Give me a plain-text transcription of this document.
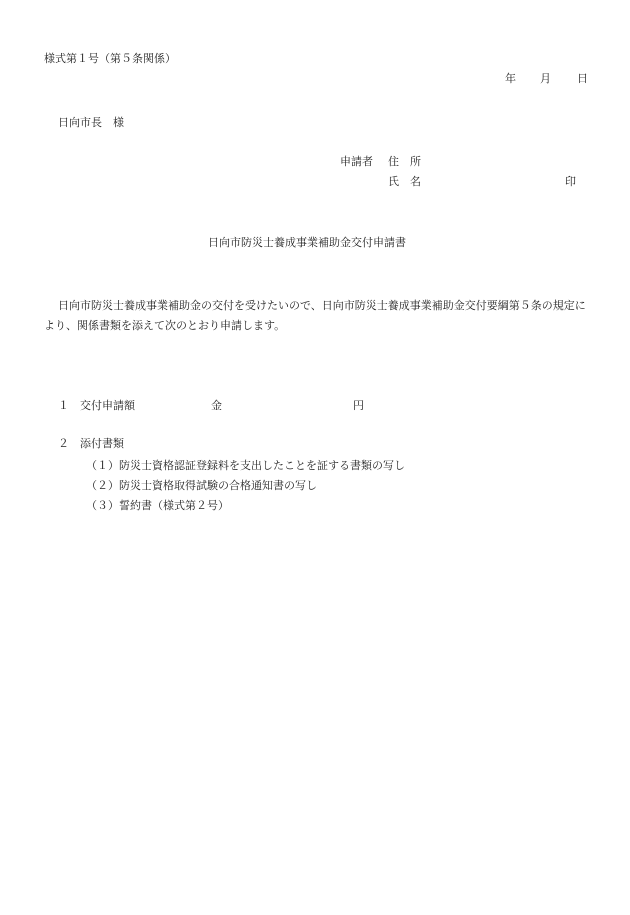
様式第１号（第５条関係）
年 月 日
日向市長　様
申請者 住　所
氏　名	印
日向市防災士養成事業補助金交付申請書
日向市防災士養成事業補助金の交付を受けたいので、日向市防災士養成事業補助金交付要綱第５条の規定により、関係書類を添えて次のとおり申請します。
１ 交付申請額	金	円
２ 添付書類
（１）防災士資格認証登録料を支出したことを証する書類の写し
（２）防災士資格取得試験の合格通知書の写し
（３）誓約書（様式第２号）
